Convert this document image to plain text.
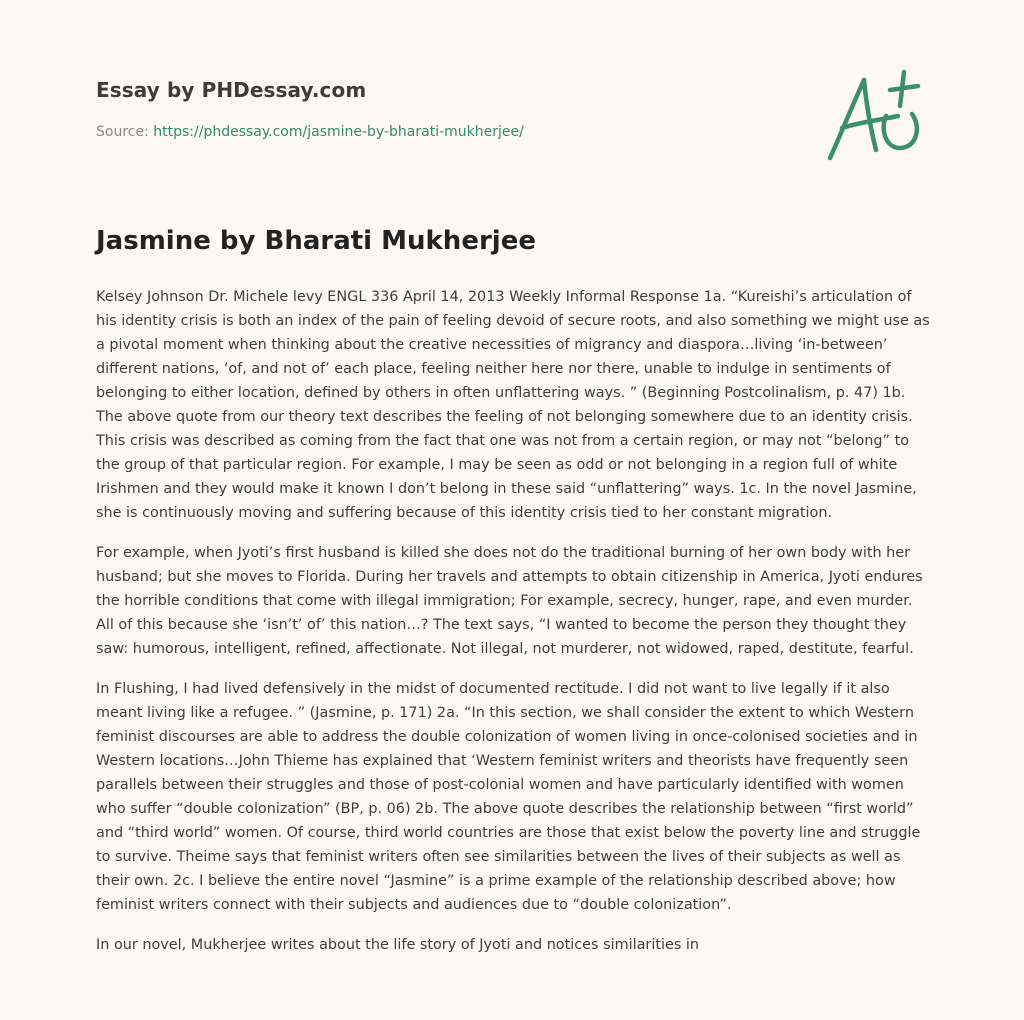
Essay by PHDessay.com
Source: https://phdessay.com/jasmine-by-bharati-mukherjee/
Jasmine by Bharati Mukherjee

Kelsey Johnson Dr. Michele levy ENGL 336 April 14, 2013 Weekly Informal Response 1a. “Kureishi’s articulation of his identity crisis is both an index of the pain of feeling devoid of secure roots, and also something we might use as a pivotal moment when thinking about the creative necessities of migrancy and diaspora…living ‘in-between’ different nations, ‘of, and not of’ each place, feeling neither here nor there, unable to indulge in sentiments of belonging to either location, defined by others in often unflattering ways. ” (Beginning Postcolinalism, p. 47) 1b. The above quote from our theory text describes the feeling of not belonging somewhere due to an identity crisis. This crisis was described as coming from the fact that one was not from a certain region, or may not “belong” to the group of that particular region. For example, I may be seen as odd or not belonging in a region full of white Irishmen and they would make it known I don’t belong in these said “unflattering” ways. 1c. In the novel Jasmine, she is continuously moving and suffering because of this identity crisis tied to her constant migration.

For example, when Jyoti’s first husband is killed she does not do the traditional burning of her own body with her husband; but she moves to Florida. During her travels and attempts to obtain citizenship in America, Jyoti endures the horrible conditions that come with illegal immigration; For example, secrecy, hunger, rape, and even murder. All of this because she ‘isn’t’ of’ this nation…? The text says, “I wanted to become the person they thought they saw: humorous, intelligent, refined, affectionate. Not illegal, not murderer, not widowed, raped, destitute, fearful.

In Flushing, I had lived defensively in the midst of documented rectitude. I did not want to live legally if it also meant living like a refugee. ” (Jasmine, p. 171) 2a. “In this section, we shall consider the extent to which Western feminist discourses are able to address the double colonization of women living in once-colonised societies and in Western locations…John Thieme has explained that ‘Western feminist writers and theorists have frequently seen parallels between their struggles and those of post-colonial women and have particularly identified with women who suffer “double colonization” (BP, p. 06) 2b. The above quote describes the relationship between “first world” and “third world” women. Of course, third world countries are those that exist below the poverty line and struggle to survive. Theime says that feminist writers often see similarities between the lives of their subjects as well as their own. 2c. I believe the entire novel “Jasmine” is a prime example of the relationship described above; how feminist writers connect with their subjects and audiences due to “double colonization”.

In our novel, Mukherjee writes about the life story of Jyoti and notices similarities in
